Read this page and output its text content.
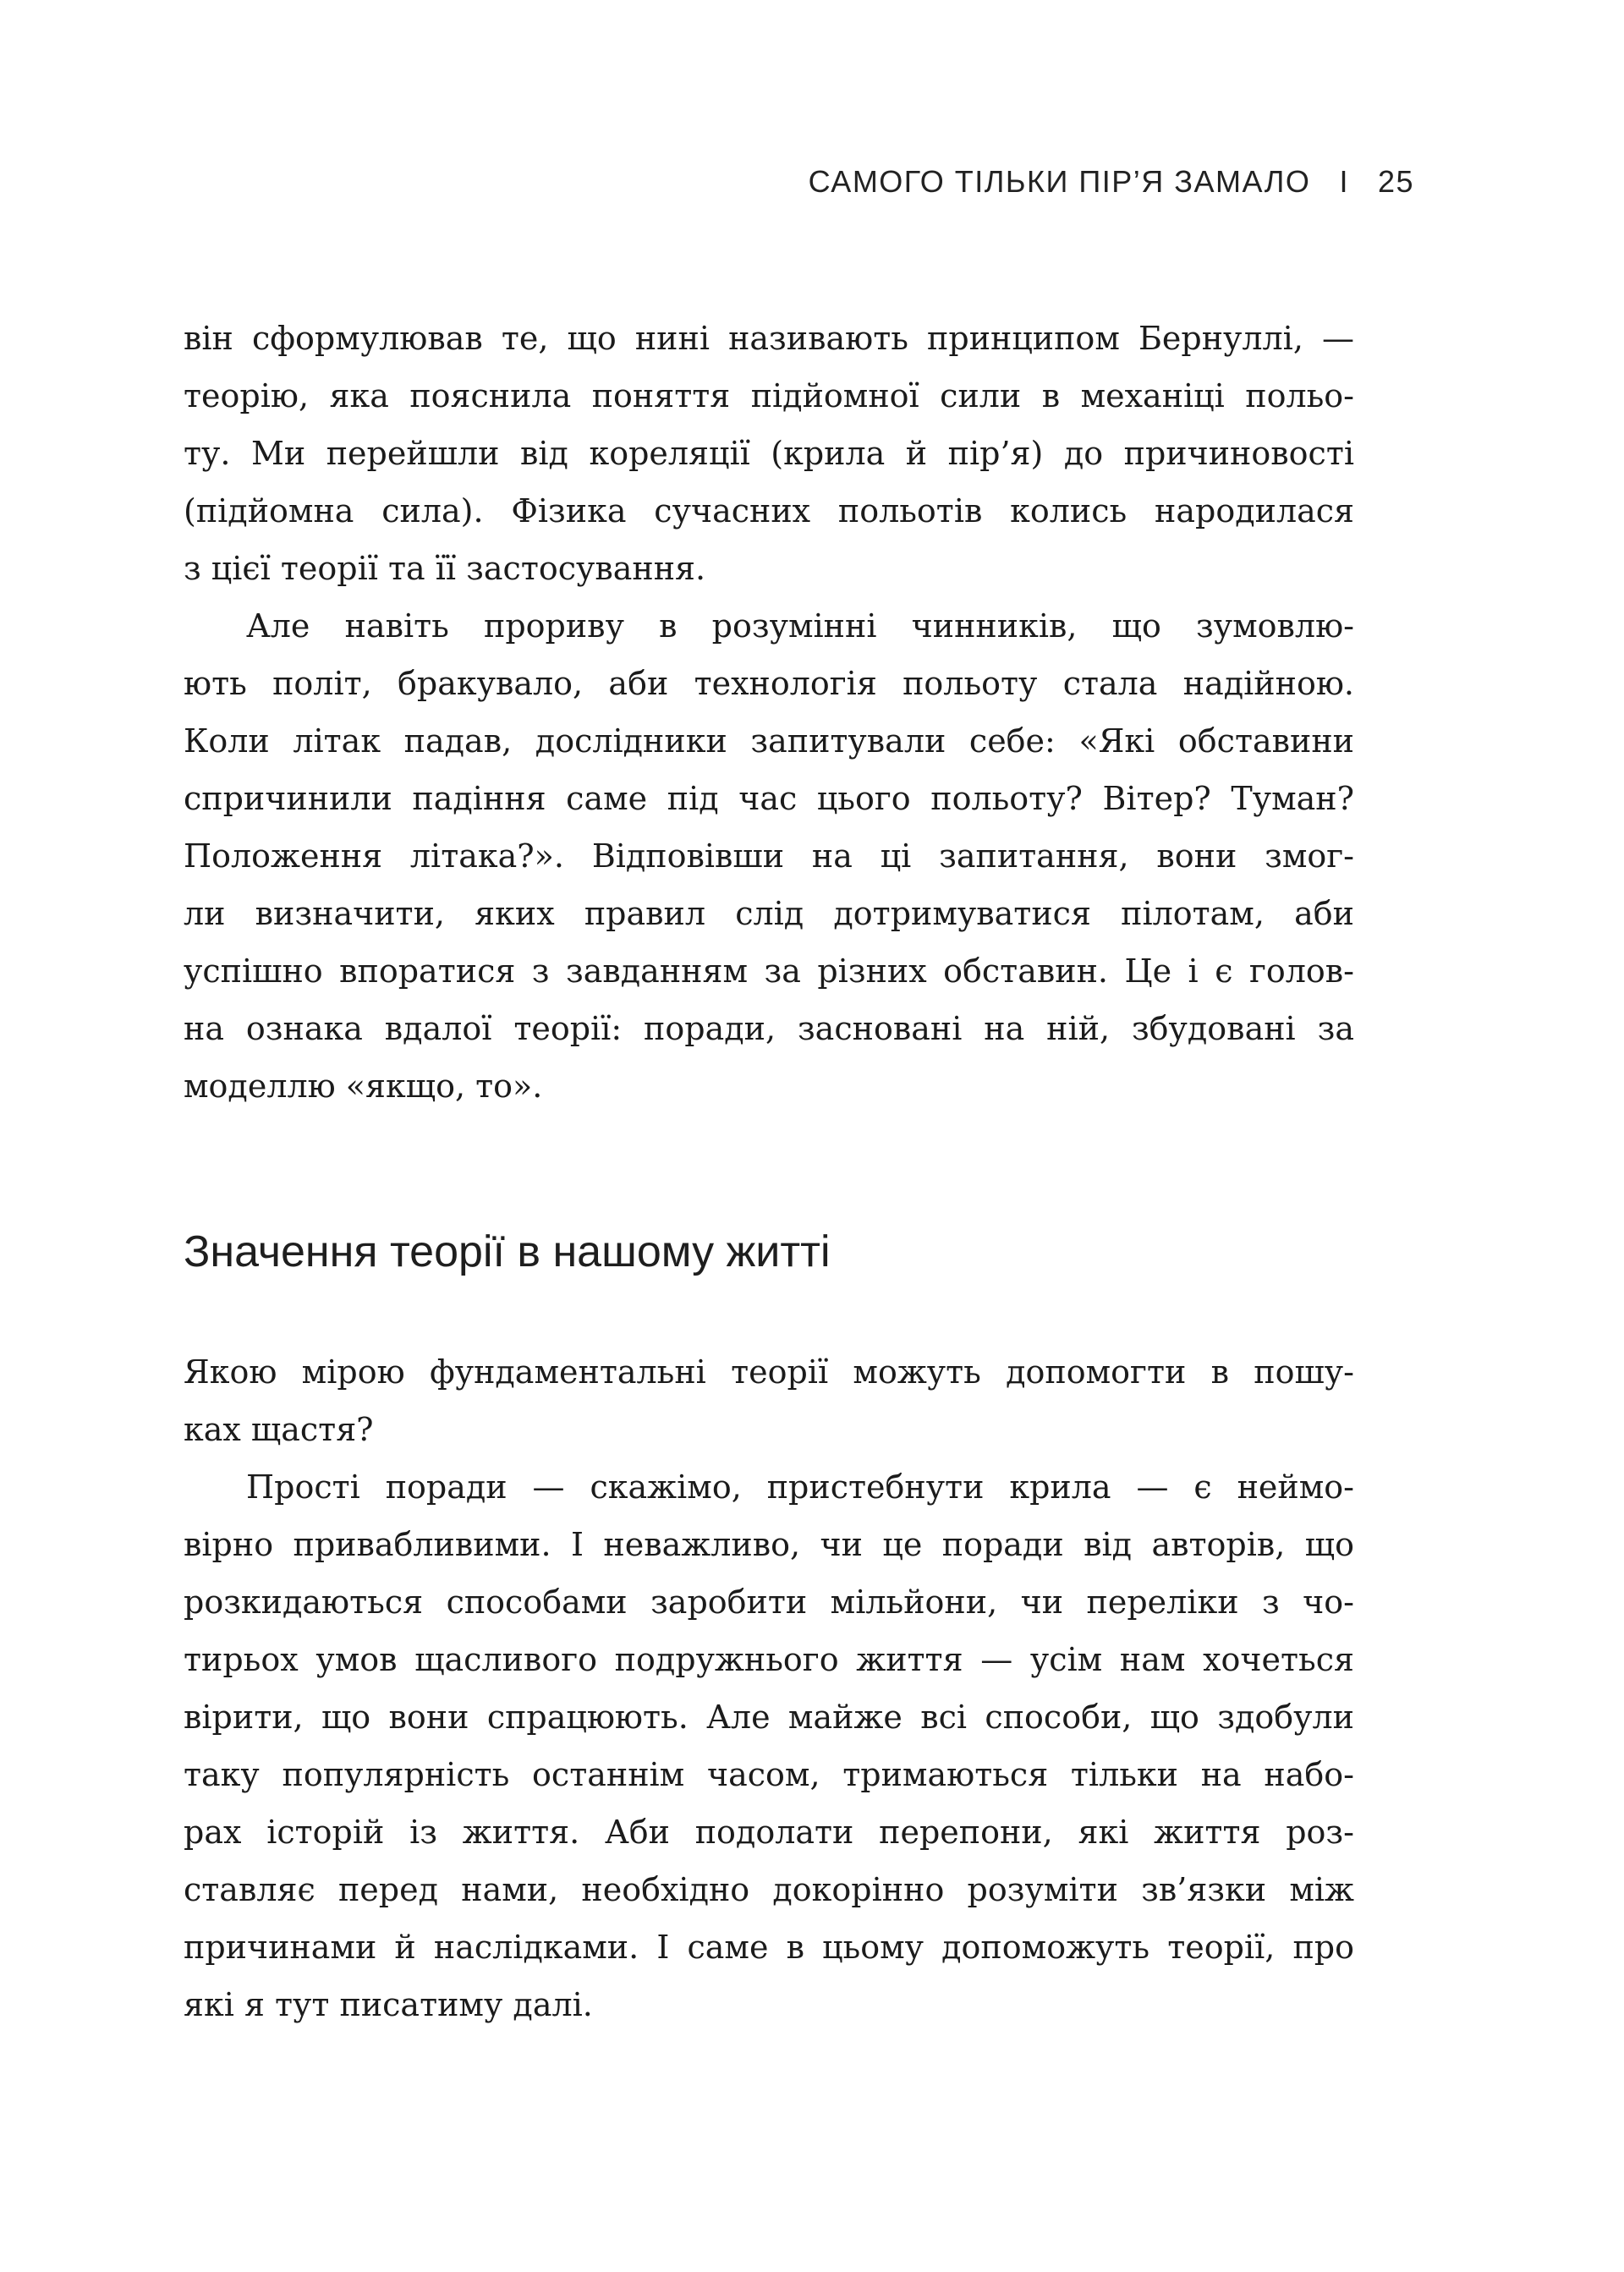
САМОГО ТІЛЬКИ ПІР’Я ЗАМАЛО I 25
він сформулював те, що нині називають принципом Бернуллі, —
теорію, яка пояснила поняття підйомної сили в механіці польо-
ту. Ми перейшли від кореляції (крила й пір’я) до причиновості
(підйомна сила). Фізика сучасних польотів колись народилася
з цієї теорії та її застосування.
Але навіть прориву в розумінні чинників, що зумовлю-
ють політ, бракувало, аби технологія польоту стала надійною.
Коли літак падав, дослідники запитували себе: «Які обставини
спричинили падіння саме під час цього польоту? Вітер? Туман?
Положення літака?». Відповівши на ці запитання, вони змог-
ли визначити, яких правил слід дотримуватися пілотам, аби
успішно впоратися з завданням за різних обставин. Це і є голов-
на ознака вдалої теорії: поради, засновані на ній, збудовані за
моделлю «якщо, то».
Значення теорії в нашому житті
Якою мірою фундаментальні теорії можуть допомогти в пошу-
ках щастя?
Прості поради — скажімо, пристебнути крила — є неймо-
вірно привабливими. І неважливо, чи це поради від авторів, що
розкидаються способами заробити мільйони, чи переліки з чо-
тирьох умов щасливого подружнього життя — усім нам хочеться
вірити, що вони спрацюють. Але майже всі способи, що здобули
таку популярність останнім часом, тримаються тільки на набо-
рах історій із життя. Аби подолати перепони, які життя роз-
ставляє перед нами, необхідно докорінно розуміти зв’язки між
причинами й наслідками. І саме в цьому допоможуть теорії, про
які я тут писатиму далі.
